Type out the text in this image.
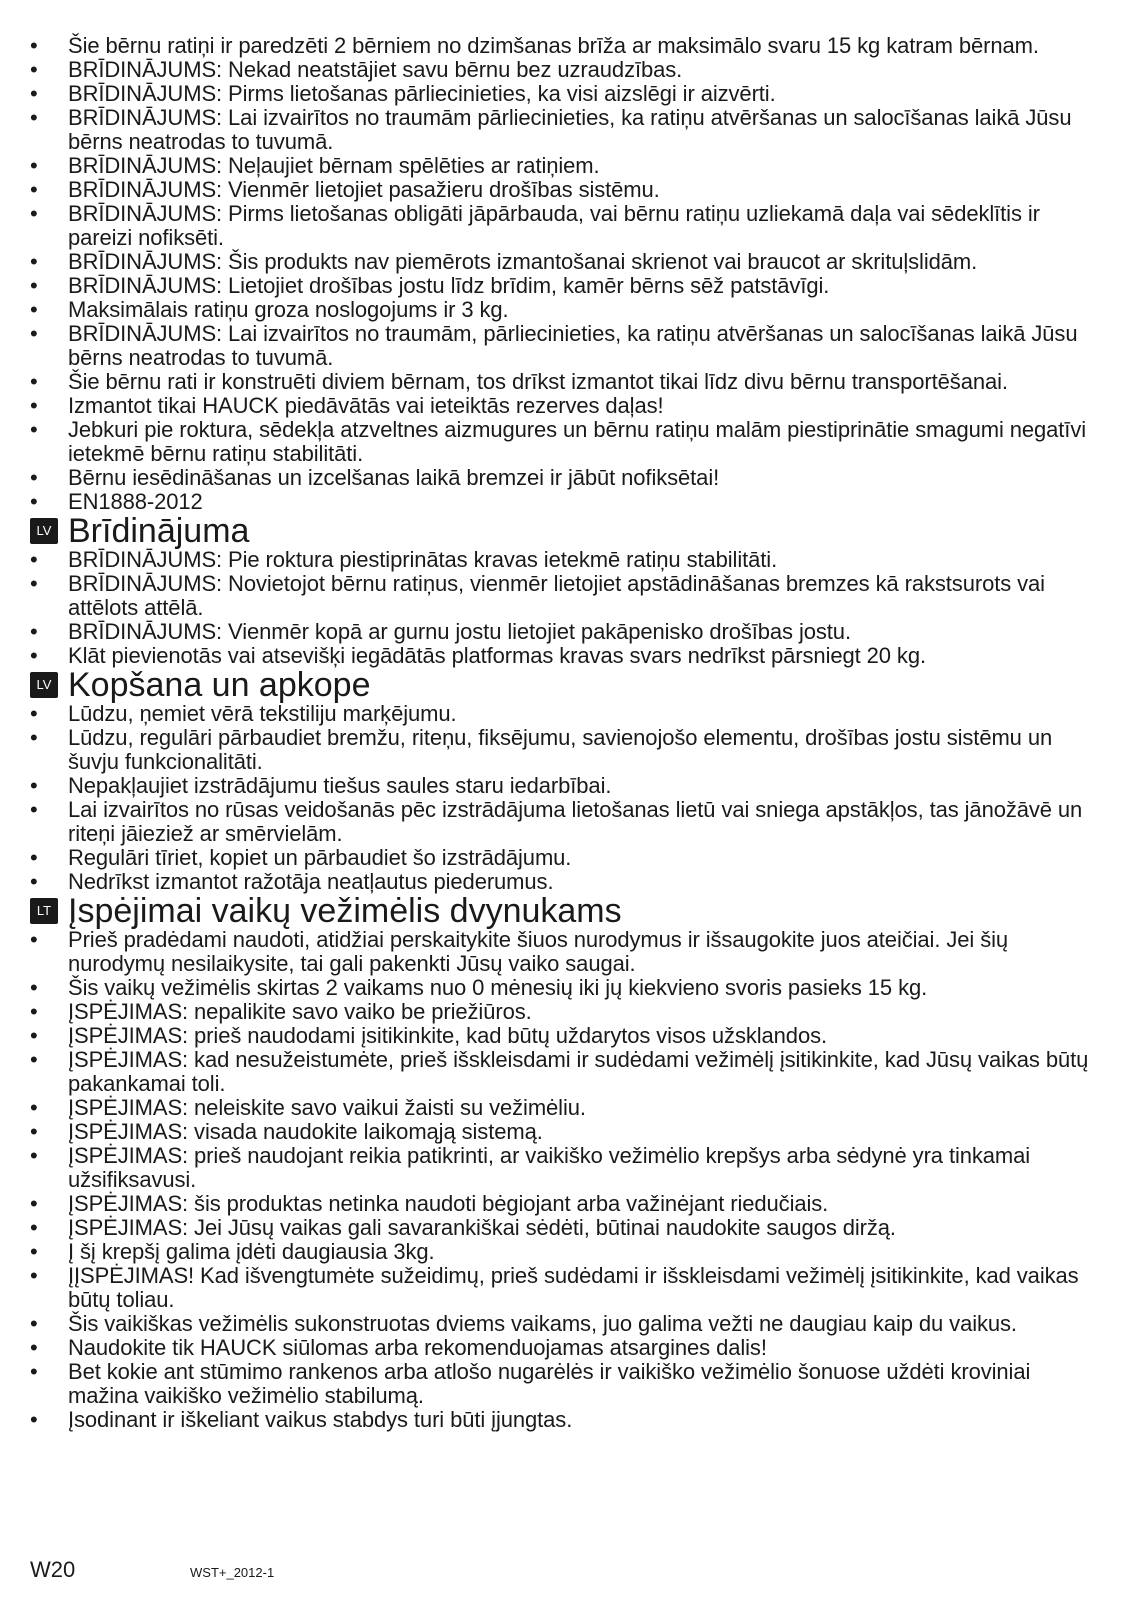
•	Šie bērnu ratiņi ir paredzēti 2 bērniem no dzimšanas brīža ar maksimālo svaru 15 kg katram bērnam.
•	BRĪDINĀJUMS: Nekad neatstājiet savu bērnu bez uzraudzības.
•	BRĪDINĀJUMS: Pirms lietošanas pārliecinieties, ka visi aizslēgi ir aizvērti.
•	BRĪDINĀJUMS: Lai izvairītos no traumām pārliecinieties, ka ratiņu atvēršanas un salocīšanas laikā Jūsu bērns neatrodas to tuvumā.
•	BRĪDINĀJUMS: Neļaujiet bērnam spēlēties ar ratiņiem.
•	BRĪDINĀJUMS: Vienmēr lietojiet pasažieru drošības sistēmu.
•	BRĪDINĀJUMS: Pirms lietošanas obligāti jāpārbauda, vai bērnu ratiņu uzliekamā daļa vai sēdeklītis ir pareizi nofiksēti.
•	BRĪDINĀJUMS: Šis produkts nav piemērots izmantošanai skrienot vai braucot ar skrituļslidām.
•	BRĪDINĀJUMS: Lietojiet drošības jostu līdz brīdim, kamēr bērns sēž patstāvīgi.
•	Maksimālais ratiņu groza noslogojums ir 3 kg.
•	BRĪDINĀJUMS: Lai izvairītos no traumām, pārliecinieties, ka ratiņu atvēršanas un salocīšanas laikā Jūsu bērns neatrodas to tuvumā.
•	Šie bērnu rati ir konstruēti diviem bērnam, tos drīkst izmantot tikai līdz divu bērnu transportēšanai.
•	Izmantot tikai HAUCK piedāvātās vai ieteiktās rezerves daļas!
•	Jebkuri pie roktura, sēdekļa atzveltnes aizmugures un bērnu ratiņu malām piestiprinātie smagumi negatīvi ietekmē bērnu ratiņu stabilitāti.
•	Bērnu iesēdināšanas un izcelšanas laikā bremzei ir jābūt nofiksētai!
•	EN1888-2012
LV Brīdinājuma
•	BRĪDINĀJUMS: Pie roktura piestiprinātas kravas ietekmē ratiņu stabilitāti.
•	BRĪDINĀJUMS: Novietojot bērnu ratiņus, vienmēr lietojiet apstādināšanas bremzes kā rakstsurots vai attēlots attēlā.
•	BRĪDINĀJUMS: Vienmēr kopā ar gurnu jostu lietojiet pakāpenisko drošības jostu.
•	Klāt pievienotās vai atsevišķi iegādātās platformas kravas svars nedrīkst pārsniegt 20 kg.
LV Kopšana un apkope
•	Lūdzu, ņemiet vērā tekstiliju marķējumu.
•	Lūdzu, regulāri pārbaudiet bremžu, riteņu, fiksējumu, savienojošo elementu, drošības jostu sistēmu un šuvju funkcionalitāti.
•	Nepakļaujiet izstrādājumu tiešus saules staru iedarbībai.
•	Lai izvairītos no rūsas veidošanās pēc izstrādājuma lietošanas lietū vai sniega apstākļos, tas jānožāvē un riteņi jāieziež ar smērvielām.
•	Regulāri tīriet, kopiet un pārbaudiet šo izstrādājumu.
•	Nedrīkst izmantot ražotāja neatļautus piederumus.
LT Įspėjimai vaikų vežimėlis dvynukams
•	Prieš pradėdami naudoti, atidžiai perskaitykite šiuos nurodymus ir išsaugokite juos ateičiai. Jei šių nurodymų nesilaikysite, tai gali pakenkti Jūsų vaiko saugai.
•	Šis vaikų vežimėlis skirtas 2 vaikams nuo 0 mėnesių iki jų kiekvieno svoris pasieks 15 kg.
•	ĮSPĖJIMAS: nepalikite savo vaiko be priežiūros.
•	ĮSPĖJIMAS: prieš naudodami įsitikinkite, kad būtų uždarytos visos užsklandos.
•	ĮSPĖJIMAS: kad nesužeistumėte, prieš išskleisdami ir sudėdami vežimėlį įsitikinkite, kad Jūsų vaikas būtų pakankamai toli.
•	ĮSPĖJIMAS: neleiskite savo vaikui žaisti su vežimėliu.
•	ĮSPĖJIMAS: visada naudokite laikomąją sistemą.
•	ĮSPĖJIMAS: prieš naudojant reikia patikrinti, ar vaikiško vežimėlio krepšys arba sėdynė yra tinkamai užsifiksavusi.
•	ĮSPĖJIMAS: šis produktas netinka naudoti bėgiojant arba važinėjant riedučiais.
•	ĮSPĖJIMAS: Jei Jūsų vaikas gali savarankiškai sėdėti, būtinai naudokite saugos diržą.
•	Į šį krepšį galima įdėti daugiausia 3kg.
•	ĮĮSPĖJIMAS! Kad išvengtumėte sužeidimų, prieš sudėdami ir išskleisdami vežimėlį įsitikinkite, kad vaikas būtų toliau.
•	Šis vaikiškas vežimėlis sukonstruotas dviems vaikams, juo galima vežti ne daugiau kaip du vaikus.
•	Naudokite tik HAUCK siūlomas arba rekomenduojamas atsargines dalis!
•	Bet kokie ant stūmimo rankenos arba atlošo nugarėlės ir vaikiško vežimėlio šonuose uždėti kroviniai mažina vaikiško vežimėlio stabilumą.
•	Įsodinant ir iškeliant vaikus stabdys turi būti įjungtas.
W20	WST+_2012-1
